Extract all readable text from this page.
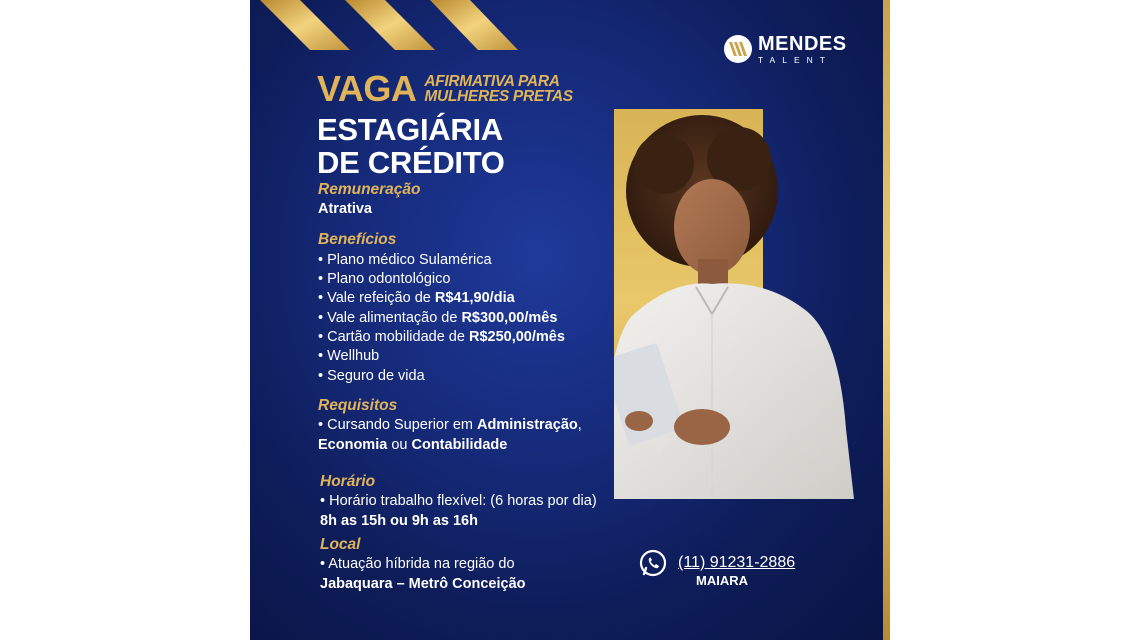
MENDES
TALENT
VAGA AFIRMATIVA PARA
MULHERES PRETAS
ESTAGIÁRIA
DE CRÉDITO
Remuneração
Atrativa
Benefícios
• Plano médico Sulamérica
• Plano odontológico
• Vale refeição de R$41,90/dia
• Vale alimentação de R$300,00/mês
• Cartão mobilidade de R$250,00/mês
• Wellhub
• Seguro de vida
Requisitos
• Cursando Superior em Administração,
Economia ou Contabilidade
Horário
• Horário trabalho flexível: (6 horas por dia)
8h as 15h ou 9h as 16h
Local
• Atuação híbrida na região do
Jabaquara – Metrô Conceição
(11) 91231-2886
MAIARA
